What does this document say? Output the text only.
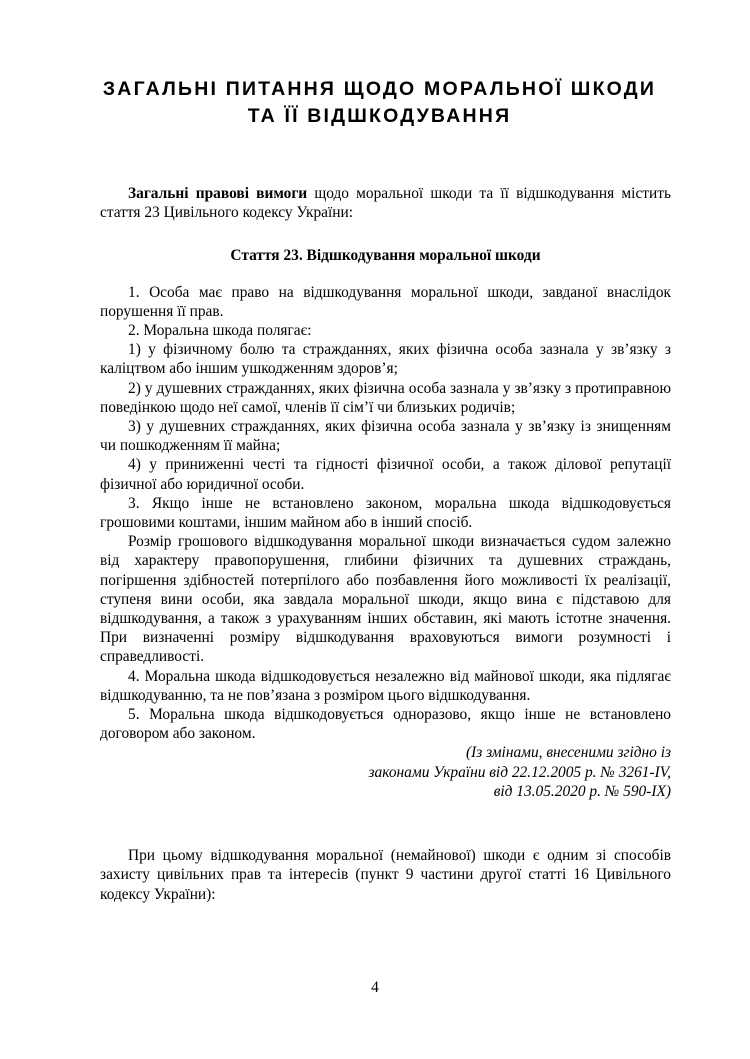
ЗАГАЛЬНІ ПИТАННЯ ЩОДО МОРАЛЬНОЇ ШКОДИ
ТА ЇЇ ВІДШКОДУВАННЯ

Загальні правові вимоги щодо моральної шкоди та її відшкодування містить стаття 23 Цивільного кодексу України:

Стаття 23. Відшкодування моральної шкоди

1. Особа має право на відшкодування моральної шкоди, завданої внаслідок порушення її прав.

2. Моральна шкода полягає:

1) у фізичному болю та стражданнях, яких фізична особа зазнала у зв’язку з каліцтвом або іншим ушкодженням здоров’я;

2) у душевних стражданнях, яких фізична особа зазнала у зв’язку з протиправною поведінкою щодо неї самої, членів її сім’ї чи близьких родичів;

3) у душевних стражданнях, яких фізична особа зазнала у зв’язку із знищенням чи пошкодженням її майна;

4) у приниженні честі та гідності фізичної особи, а також ділової репутації фізичної або юридичної особи.

3. Якщо інше не встановлено законом, моральна шкода відшкодовується грошовими коштами, іншим майном або в інший спосіб.

Розмір грошового відшкодування моральної шкоди визначається судом залежно від характеру правопорушення, глибини фізичних та душевних страждань, погіршення здібностей потерпілого або позбавлення його можливості їх реалізації, ступеня вини особи, яка завдала моральної шкоди, якщо вина є підставою для відшкодування, а також з урахуванням інших обставин, які мають істотне значення. При визначенні розміру відшкодування враховуються вимоги розумності і справедливості.

4. Моральна шкода відшкодовується незалежно від майнової шкоди, яка підлягає відшкодуванню, та не пов’язана з розміром цього відшкодування.

5. Моральна шкода відшкодовується одноразово, якщо інше не встановлено договором або законом.

(Із змінами, внесеними згідно із
законами України від 22.12.2005 р. № 3261-IV,
від 13.05.2020 р. № 590-IX)

При цьому відшкодування моральної (немайнової) шкоди є одним зі способів захисту цивільних прав та інтересів (пункт 9 частини другої статті 16 Цивільного кодексу України):

4
